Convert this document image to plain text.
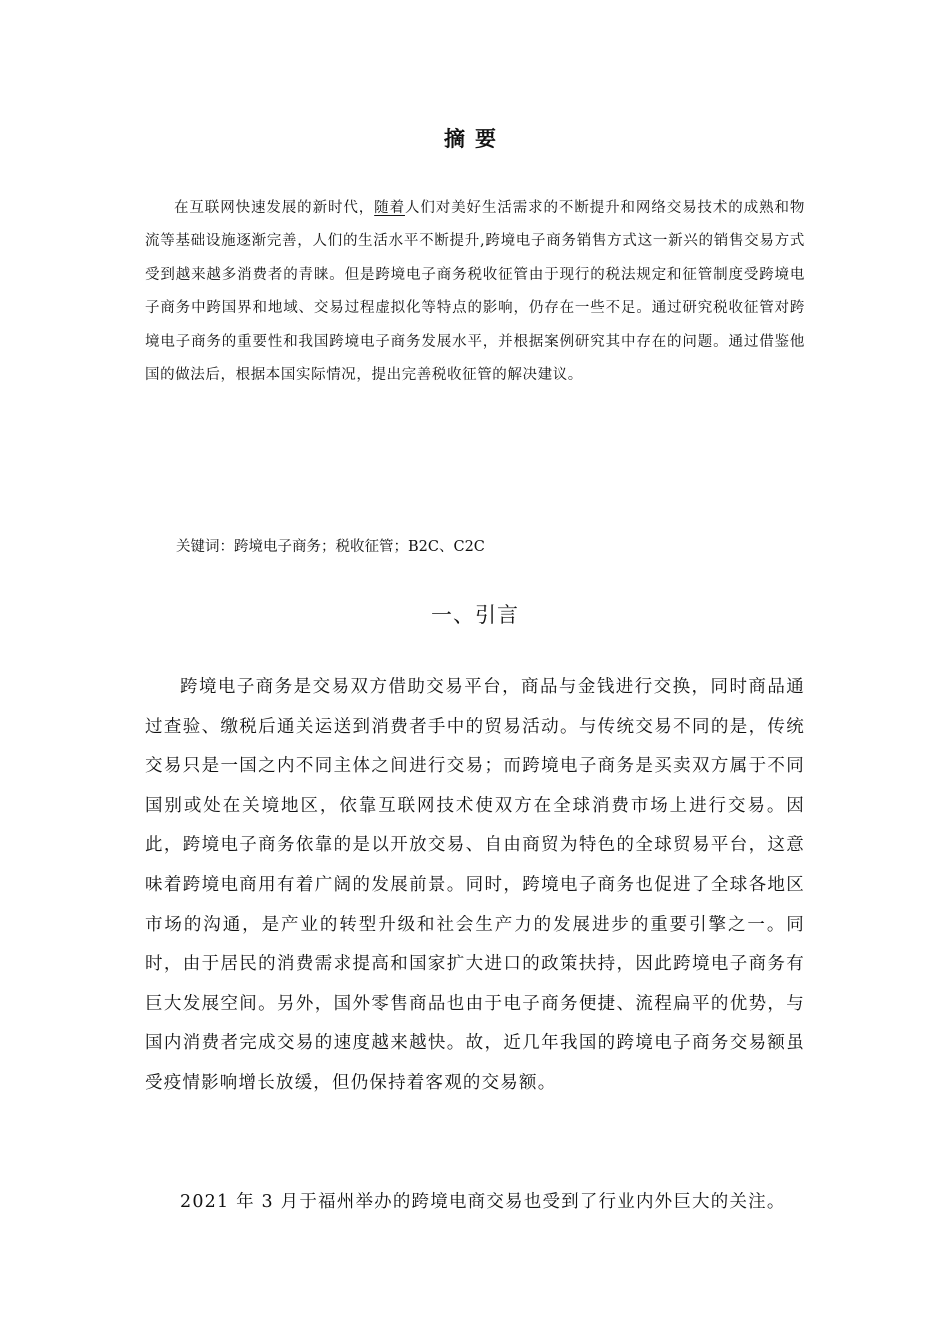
摘要

在互联网快速发展的新时代，随着人们对美好生活需求的不断提升和网络交易技术的成熟和物流等基础设施逐渐完善，人们的生活水平不断提升,跨境电子商务销售方式这一新兴的销售交易方式受到越来越多消费者的青睐。但是跨境电子商务税收征管由于现行的税法规定和征管制度受跨境电子商务中跨国界和地域、交易过程虚拟化等特点的影响，仍存在一些不足。通过研究税收征管对跨境电子商务的重要性和我国跨境电子商务发展水平，并根据案例研究其中存在的问题。通过借鉴他国的做法后，根据本国实际情况，提出完善税收征管的解决建议。

关键词：跨境电子商务；税收征管；B2C、C2C

一、引言

跨境电子商务是交易双方借助交易平台，商品与金钱进行交换，同时商品通过查验、缴税后通关运送到消费者手中的贸易活动。与传统交易不同的是，传统交易只是一国之内不同主体之间进行交易；而跨境电子商务是买卖双方属于不同国别或处在关境地区，依靠互联网技术使双方在全球消费市场上进行交易。因此，跨境电子商务依靠的是以开放交易、自由商贸为特色的全球贸易平台，这意味着跨境电商用有着广阔的发展前景。同时，跨境电子商务也促进了全球各地区市场的沟通，是产业的转型升级和社会生产力的发展进步的重要引擎之一。同时，由于居民的消费需求提高和国家扩大进口的政策扶持，因此跨境电子商务有巨大发展空间。另外，国外零售商品也由于电子商务便捷、流程扁平的优势，与国内消费者完成交易的速度越来越快。故，近几年我国的跨境电子商务交易额虽受疫情影响增长放缓，但仍保持着客观的交易额。

2021 年 3 月于福州举办的跨境电商交易也受到了行业内外巨大的关注。
